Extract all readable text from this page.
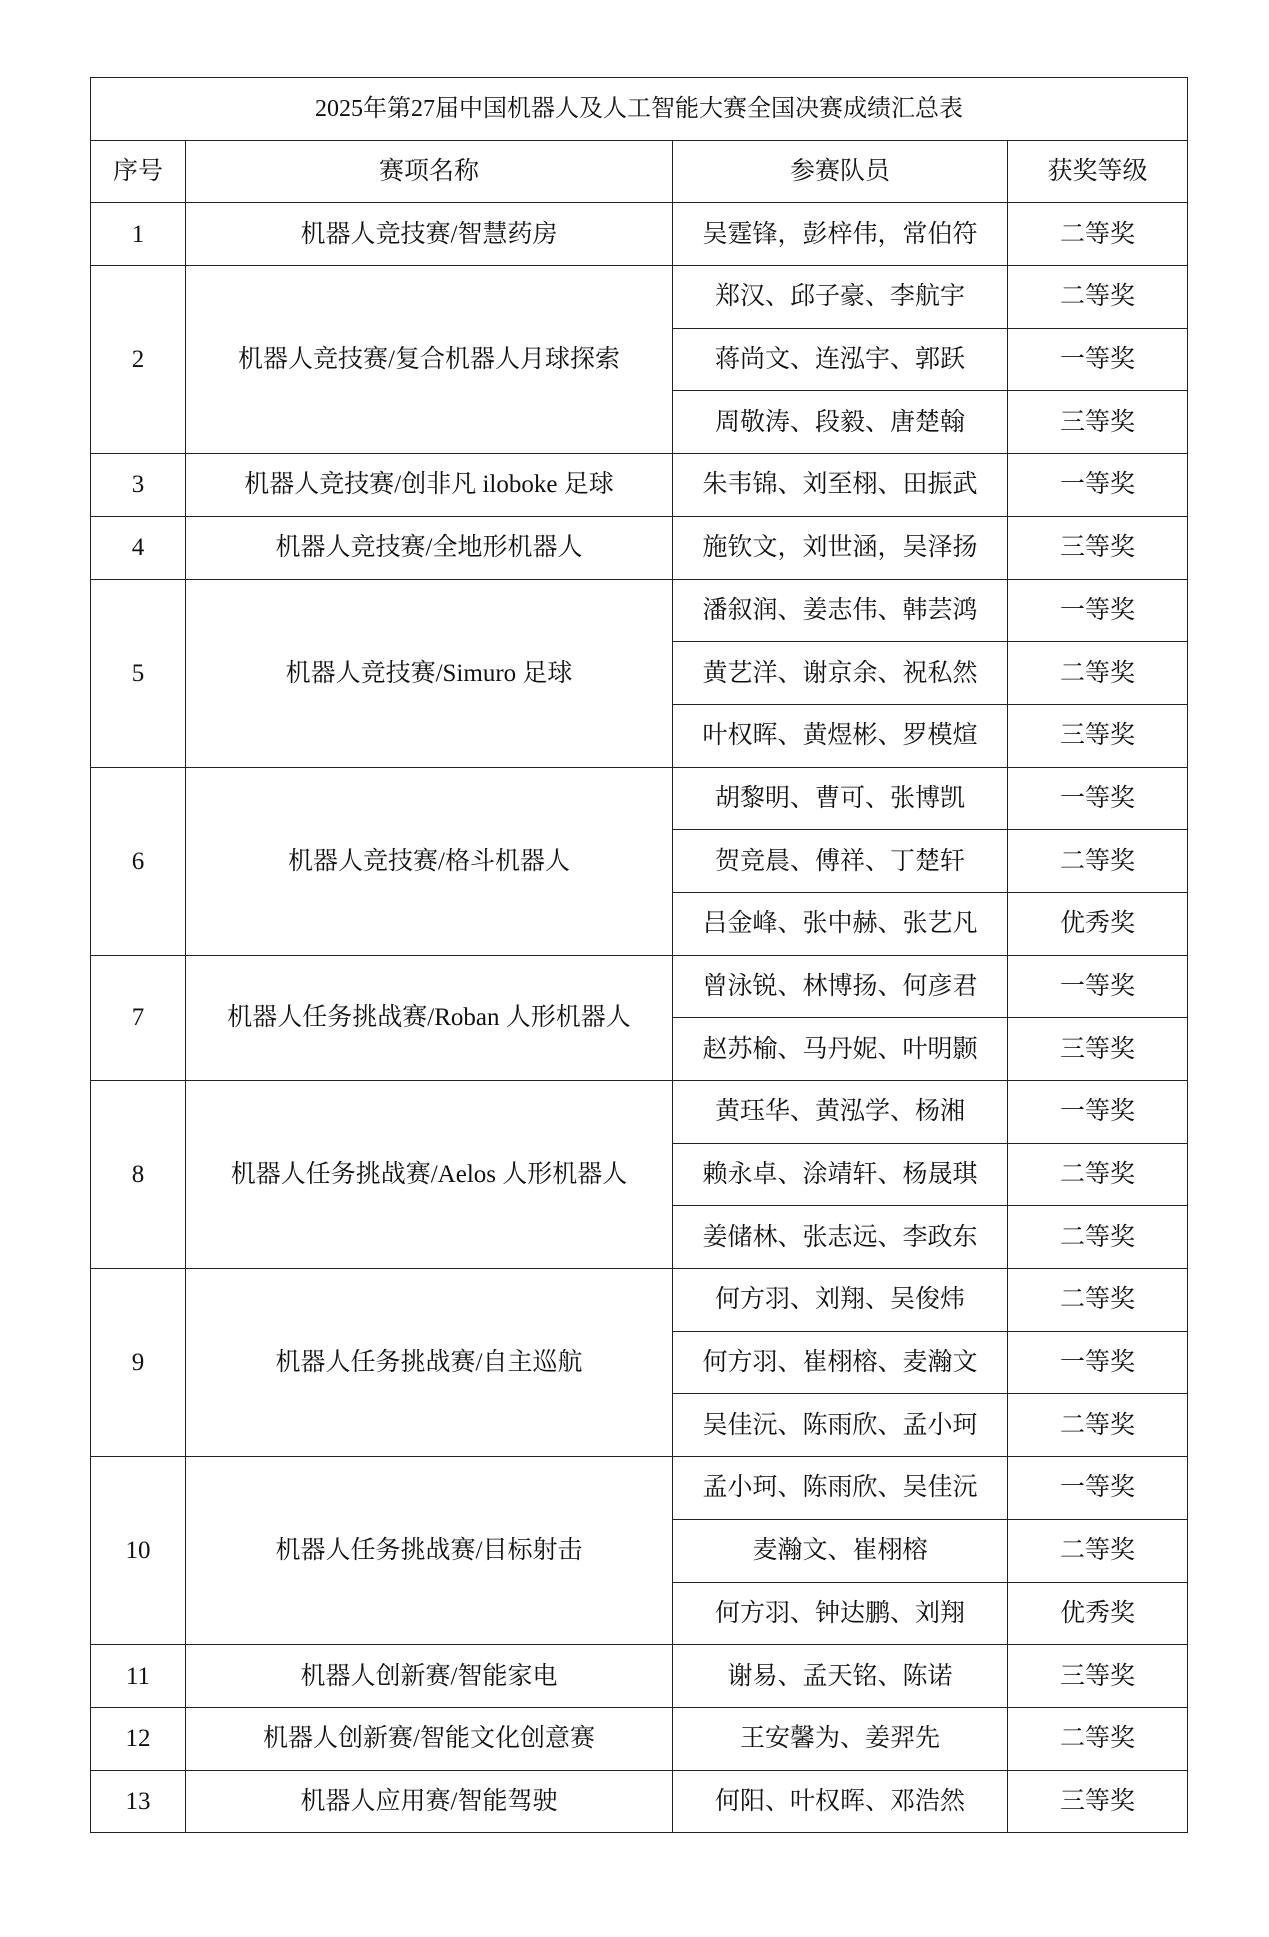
2025年第27届中国机器人及人工智能大赛全国决赛成绩汇总表			
序号	赛项名称	参赛队员	获奖等级
1	机器人竞技赛/智慧药房	吴霆锋，彭梓伟，常伯符	二等奖
2	机器人竞技赛/复合机器人月球探索	郑汉、邱子豪、李航宇	二等奖
		蒋尚文、连泓宇、郭跃	一等奖
		周敬涛、段毅、唐楚翰	三等奖
3	机器人竞技赛/创非凡 iloboke 足球	朱韦锦、刘至栩、田振武	一等奖
4	机器人竞技赛/全地形机器人	施钦文，刘世涵，吴泽扬	三等奖
5	机器人竞技赛/Simuro 足球	潘叙润、姜志伟、韩芸鸿	一等奖
		黄艺洋、谢京余、祝私然	二等奖
		叶权晖、黄煜彬、罗模煊	三等奖
6	机器人竞技赛/格斗机器人	胡黎明、曹可、张博凯	一等奖
		贺竞晨、傅祥、丁楚轩	二等奖
		吕金峰、张中赫、张艺凡	优秀奖
7	机器人任务挑战赛/Roban 人形机器人	曾泳锐、林博扬、何彦君	一等奖
		赵苏榆、马丹妮、叶明颢	三等奖
8	机器人任务挑战赛/Aelos 人形机器人	黄珏华、黄泓学、杨湘	一等奖
		赖永卓、涂靖轩、杨晟琪	二等奖
		姜储林、张志远、李政东	二等奖
9	机器人任务挑战赛/自主巡航	何方羽、刘翔、吴俊炜	二等奖
		何方羽、崔栩榕、麦瀚文	一等奖
		吴佳沅、陈雨欣、孟小珂	二等奖
10	机器人任务挑战赛/目标射击	孟小珂、陈雨欣、吴佳沅	一等奖
		麦瀚文、崔栩榕	二等奖
		何方羽、钟达鹏、刘翔	优秀奖
11	机器人创新赛/智能家电	谢易、孟天铭、陈诺	三等奖
12	机器人创新赛/智能文化创意赛	王安馨为、姜羿先	二等奖
13	机器人应用赛/智能驾驶	何阳、叶权晖、邓浩然	三等奖
